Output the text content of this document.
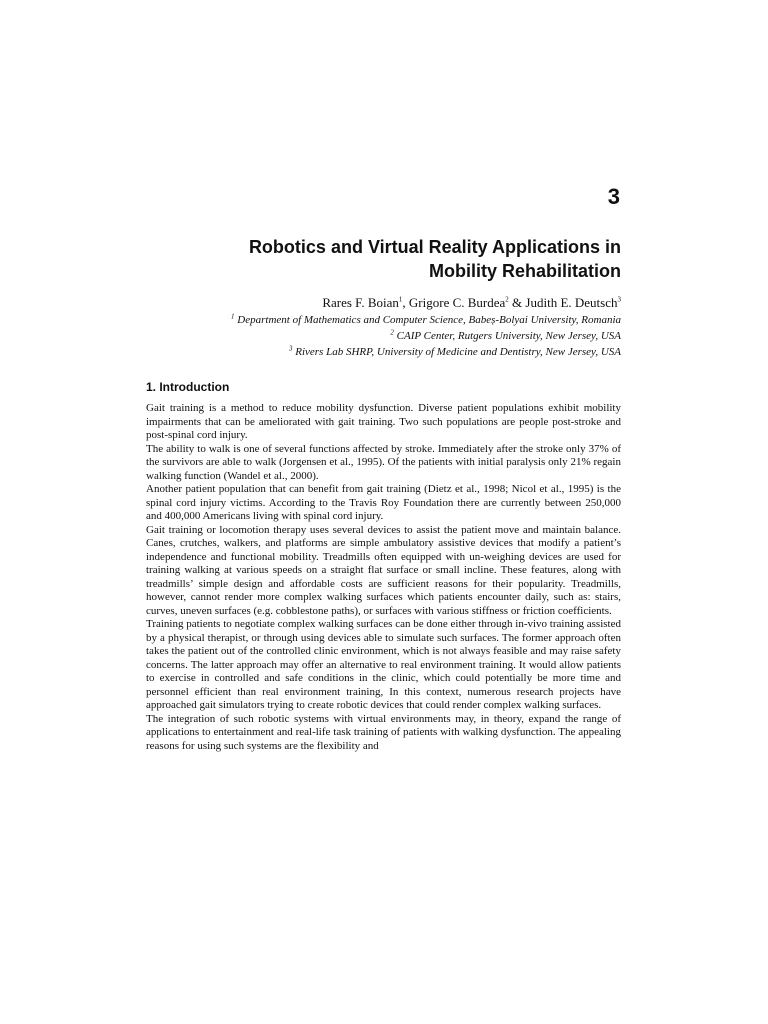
3
Robotics and Virtual Reality Applications in
Mobility Rehabilitation
Rares F. Boian$^1$, Grigore C. Burdea$^2$ & Judith E. Deutsch$^3$
$^1$ Department of Mathematics and Computer Science, Babeș-Bolyai University, Romania
$^2$ CAIP Center, Rutgers University, New Jersey, USA
$^3$ Rivers Lab SHRP, University of Medicine and Dentistry, New Jersey, USA
1. Introduction

Gait training is a method to reduce mobility dysfunction. Diverse patient populations exhibit mobility impairments that can be ameliorated with gait training. Two such populations are people post-stroke and post-spinal cord injury.

The ability to walk is one of several functions affected by stroke. Immediately after the stroke only 37% of the survivors are able to walk (Jorgensen et al., 1995). Of the patients with initial paralysis only 21% regain walking function (Wandel et al., 2000).

Another patient population that can benefit from gait training (Dietz et al., 1998; Nicol et al., 1995) is the spinal cord injury victims. According to the Travis Roy Foundation there are currently between 250,000 and 400,000 Americans living with spinal cord injury.

Gait training or locomotion therapy uses several devices to assist the patient move and maintain balance. Canes, crutches, walkers, and platforms are simple ambulatory assistive devices that modify a patient’s independence and functional mobility. Treadmills often equipped with un-weighing devices are used for training walking at various speeds on a straight flat surface or small incline. These features, along with treadmills’ simple design and affordable costs are sufficient reasons for their popularity. Treadmills, however, cannot render more complex walking surfaces which patients encounter daily, such as: stairs, curves, uneven surfaces (e.g. cobblestone paths), or surfaces with various stiffness or friction coefficients.

Training patients to negotiate complex walking surfaces can be done either through in-vivo training assisted by a physical therapist, or through using devices able to simulate such surfaces. The former approach often takes the patient out of the controlled clinic environment, which is not always feasible and may raise safety concerns. The latter approach may offer an alternative to real environment training. It would allow patients to exercise in controlled and safe conditions in the clinic, which could potentially be more time and personnel efficient than real environment training, In this context, numerous research projects have approached gait simulators trying to create robotic devices that could render complex walking surfaces.

The integration of such robotic systems with virtual environments may, in theory, expand the range of applications to entertainment and real-life task training of patients with walking dysfunction. The appealing reasons for using such systems are the flexibility and
